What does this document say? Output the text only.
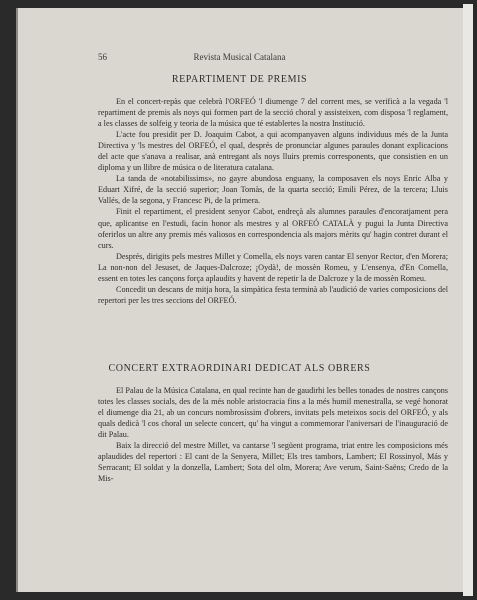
56	Revista Musical Catalana
REPARTIMENT DE PREMIS

En el concert-repàs que celebrà l'ORFEÓ 'l diumenge 7 del corrent mes, se verificà a la vegada 'l repartiment de premis als noys qui formen part de la secció choral y assisteixen, com disposa 'l reglament, a les classes de solfeig y teoria de la música que té establertes la nostra Institució.

L'acte fou presidit per D. Joaquim Cabot, a qui acompanyaven alguns individuus més de la Junta Directiva y 'ls mestres del ORFEÓ, el qual, després de pronunciar algunes paraules donant explicacions del acte que s'anava a realisar, anà entregant als noys lluirs premis corresponents, que consistien en un diploma y un llibre de música o de literatura catalana.

La tanda de «notabilissims», no gayre abundosa enguany, la composaven els noys Enric Alba y Eduart Xifré, de la secció superior; Joan Tomàs, de la quarta secció; Emili Pérez, de la tercera; Lluis Vallés, de la segona, y Francesc Pi, de la primera.

Finit el repartiment, el president senyor Cabot, endreçà als alumnes paraules d'encoratjament pera que, aplicantse en l'estudi, facin honor als mestres y al ORFEÓ CATALÀ y pugui la Junta Directiva oferirlos un altre any premis més valiosos en correspondencia als majors mèrits qu' hagin contret durant el curs.

Després, dirigits pels mestres Millet y Comella, els noys varen cantar El senyor Rector, d'en Morera; La non-non del Jesuset, de Jaques-Dalcroze; ¡Oydà!, de mossèn Romeu, y L'ensenya, d'En Comella, essent en totes les cançons força aplaudits y havent de repetir la de Dalcroze y la de mossèn Romeu.

Concedit un descans de mitja hora, la simpàtica festa terminà ab l'audició de varies composicions del repertori per les tres seccions del ORFEÓ.

CONCERT EXTRAORDINARI DEDICAT ALS OBRERS

El Palau de la Música Catalana, en qual recinte han de gaudirhi les belles tonades de nostres cançons totes les classes socials, des de la més noble aristocracia fins a la més humil menestralla, se vegé honorat el diumenge dia 21, ab un concurs nombrosíssim d'obrers, invitats pels meteixos socis del ORFEÓ, y als quals dedicà 'l cos choral un selecte concert, qu' ha vingut a commemorar l'aniversari de l'inauguració de dit Palau.

Baix la direcció del mestre Millet, va cantarse 'l següent programa, triat entre les composicions més aplaudides del repertori : El cant de la Senyera, Millet; Els tres tambors, Lambert; El Rossinyol, Más y Serracant; El soldat y la donzella, Lambert; Sota del olm, Morera; Ave verum, Saint-Saëns; Credo de la Mis-
